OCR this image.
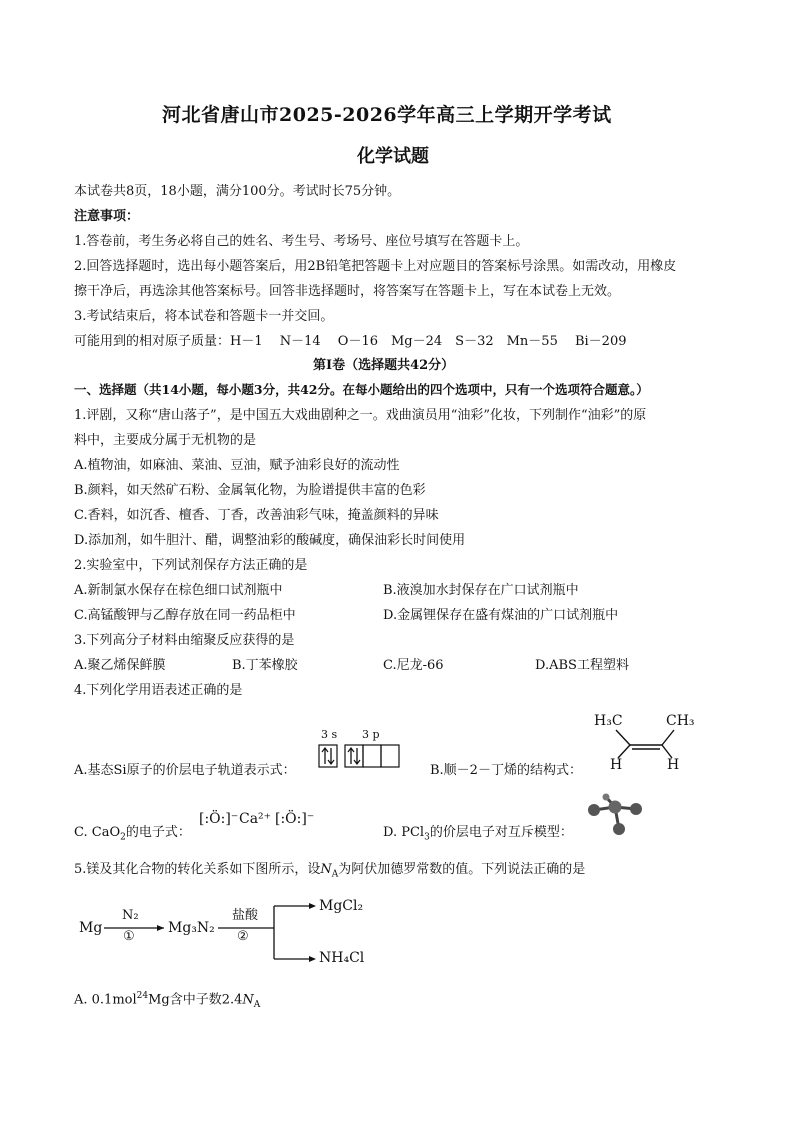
河北省唐山市2025-2026学年高三上学期开学考试
化学试题
本试卷共8页，18小题，满分100分。考试时长75分钟。
注意事项：
1.答卷前，考生务必将自己的姓名、考生号、考场号、座位号填写在答题卡上。
2.回答选择题时，选出每小题答案后，用2B铅笔把答题卡上对应题目的答案标号涂黑。如需改动，用橡皮
擦干净后，再选涂其他答案标号。回答非选择题时，将答案写在答题卡上，写在本试卷上无效。
3.考试结束后，将本试卷和答题卡一并交回。
可能用到的相对原子质量：H－1　 N－14　 O－16　Mg－24　S－32　Mn－55　 Bi－209
第Ⅰ卷（选择题共42分）
一、选择题（共14小题，每小题3分，共42分。在每小题给出的四个选项中，只有一个选项符合题意。）
1.评剧，又称“唐山落子”，是中国五大戏曲剧种之一。戏曲演员用“油彩”化妆，下列制作“油彩”的原
料中，主要成分属于无机物的是
A.植物油，如麻油、菜油、豆油，赋予油彩良好的流动性
B.颜料，如天然矿石粉、金属氧化物，为脸谱提供丰富的色彩
C.香料，如沉香、檀香、丁香，改善油彩气味，掩盖颜料的异味
D.添加剂，如牛胆汁、醋，调整油彩的酸碱度，确保油彩长时间使用
2.实验室中，下列试剂保存方法正确的是
A.新制氯水保存在棕色细口试剂瓶中	B.液溴加水封保存在广口试剂瓶中
C.高锰酸钾与乙醇存放在同一药品柜中	D.金属锂保存在盛有煤油的广口试剂瓶中
3.下列高分子材料由缩聚反应获得的是
A.聚乙烯保鲜膜	B.丁苯橡胶	C.尼龙-66	D.ABS工程塑料
4.下列化学用语表述正确的是
A.基态Si原子的价层电子轨道表示式：
3 s 3 p
B.顺－2－丁烯的结构式：
H₃C	CH₃
H	H
C. CaO$_2$的电子式：
[:Ö:]⁻ Ca²⁺ [:Ö:]⁻
D. PCl$_3$的价层电子对互斥模型：
5.镁及其化合物的转化关系如下图所示，设$N_A$为阿伏加德罗常数的值。下列说法正确的是
Mg
N₂
①
Mg₃N₂
盐酸
②
MgCl₂
NH₄Cl
A. 0.1mol$^{24}$Mg含中子数$2.4N_A$
